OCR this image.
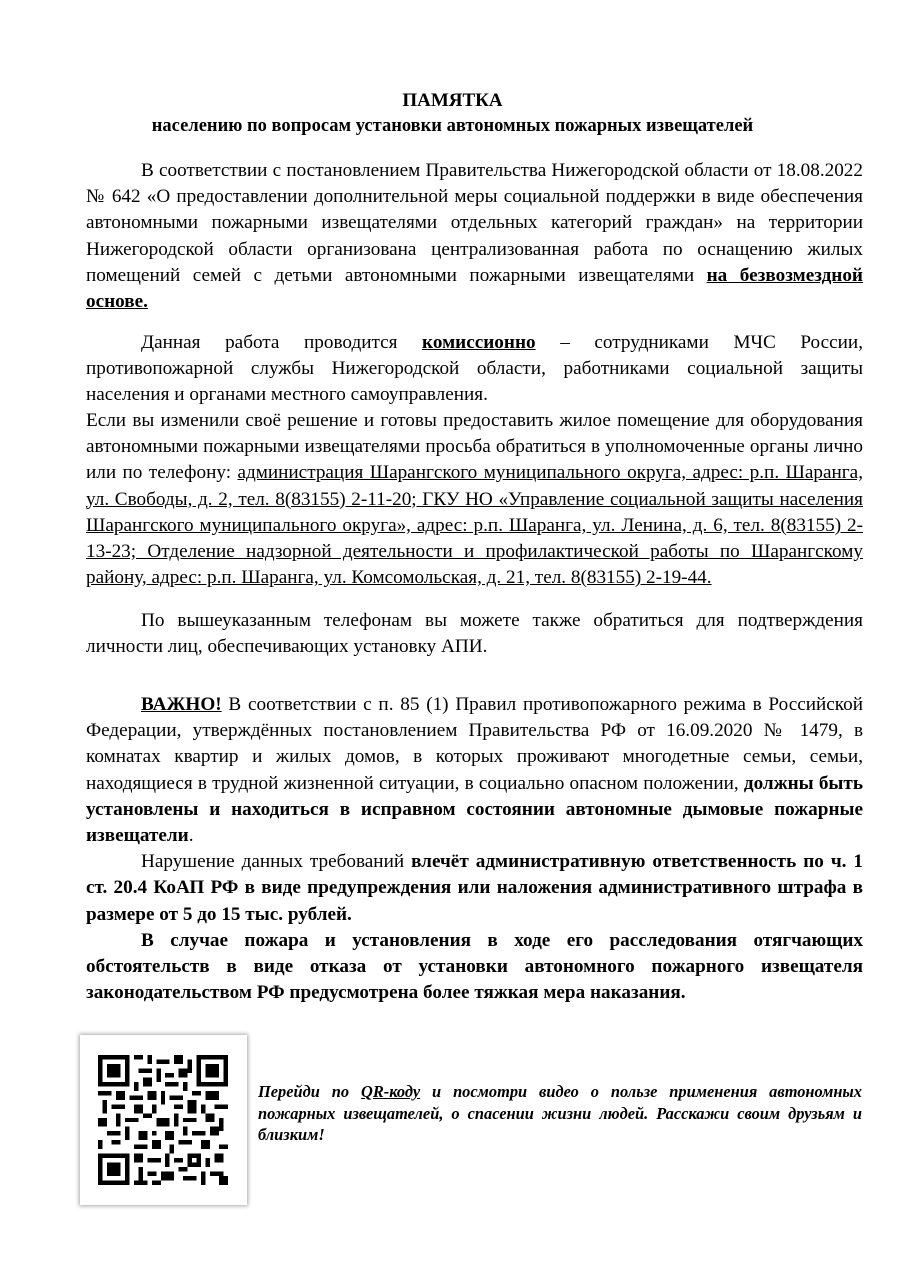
ПАМЯТКА
населению по вопросам установки автономных пожарных извещателей

В соответствии с постановлением Правительства Нижегородской области от 18.08.2022 № 642 «О предоставлении дополнительной меры социальной поддержки в виде обеспечения автономными пожарными извещателями отдельных категорий граждан» на территории Нижегородской области организована централизованная работа по оснащению жилых помещений семей с детьми автономными пожарными извещателями на безвозмездной основе.

Данная работа проводится комиссионно – сотрудниками МЧС России, противопожарной службы Нижегородской области, работниками социальной защиты населения и органами местного самоуправления.

Если вы изменили своё решение и готовы предоставить жилое помещение для оборудования автономными пожарными извещателями просьба обратиться в уполномоченные органы лично или по телефону: администрация Шарангского муниципального округа, адрес: р.п. Шаранга, ул. Свободы, д. 2, тел. 8(83155) 2-11-20; ГКУ НО «Управление социальной защиты населения Шарангского муниципального округа», адрес: р.п. Шаранга, ул. Ленина, д. 6, тел. 8(83155) 2-13-23; Отделение надзорной деятельности и профилактической работы по Шарангскому району, адрес: р.п. Шаранга, ул. Комсомольская, д. 21, тел. 8(83155) 2-19-44.

По вышеуказанным телефонам вы можете также обратиться для подтверждения личности лиц, обеспечивающих установку АПИ.

ВАЖНО! В соответствии с п. 85 (1) Правил противопожарного режима в Российской Федерации, утверждённых постановлением Правительства РФ от 16.09.2020 № 1479, в комнатах квартир и жилых домов, в которых проживают многодетные семьи, семьи, находящиеся в трудной жизненной ситуации, в социально опасном положении, должны быть установлены и находиться в исправном состоянии автономные дымовые пожарные извещатели.

Нарушение данных требований влечёт административную ответственность по ч. 1 ст. 20.4 КоАП РФ в виде предупреждения или наложения административного штрафа в размере от 5 до 15 тыс. рублей.

В случае пожара и установления в ходе его расследования отягчающих обстоятельств в виде отказа от установки автономного пожарного извещателя законодательством РФ предусмотрена более тяжкая мера наказания.

Перейди по QR-коду и посмотри видео о пользе применения автономных пожарных извещателей, о спасении жизни людей. Расскажи своим друзьям и близким!
